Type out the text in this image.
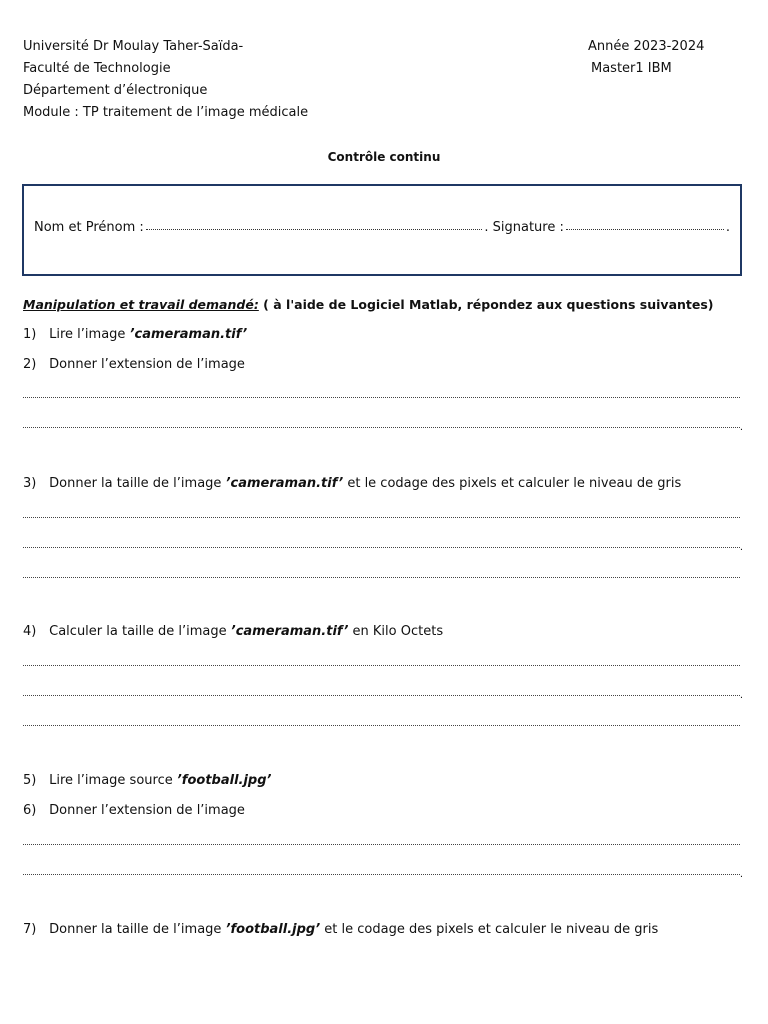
Université Dr Moulay Taher-Saïda-
Faculté de Technologie
Département d’électronique
Module : TP traitement de l’image médicale
Année 2023-2024
Master1 IBM
Contrôle continu
Nom et Prénom :	. Signature :	.
Manipulation et travail demandé: ( à l'aide de Logiciel Matlab, répondez aux questions suivantes)
1) Lire l’image ’cameraman.tif’
2) Donner l’extension de l’image
.
3) Donner la taille de l’image ’cameraman.tif’ et le codage des pixels et calculer le niveau de gris
.
4) Calculer la taille de l’image ’cameraman.tif’ en Kilo Octets
.
5) Lire l’image source ’football.jpg’
6) Donner l’extension de l’image
.
7) Donner la taille de l’image ’football.jpg’ et le codage des pixels et calculer le niveau de gris
